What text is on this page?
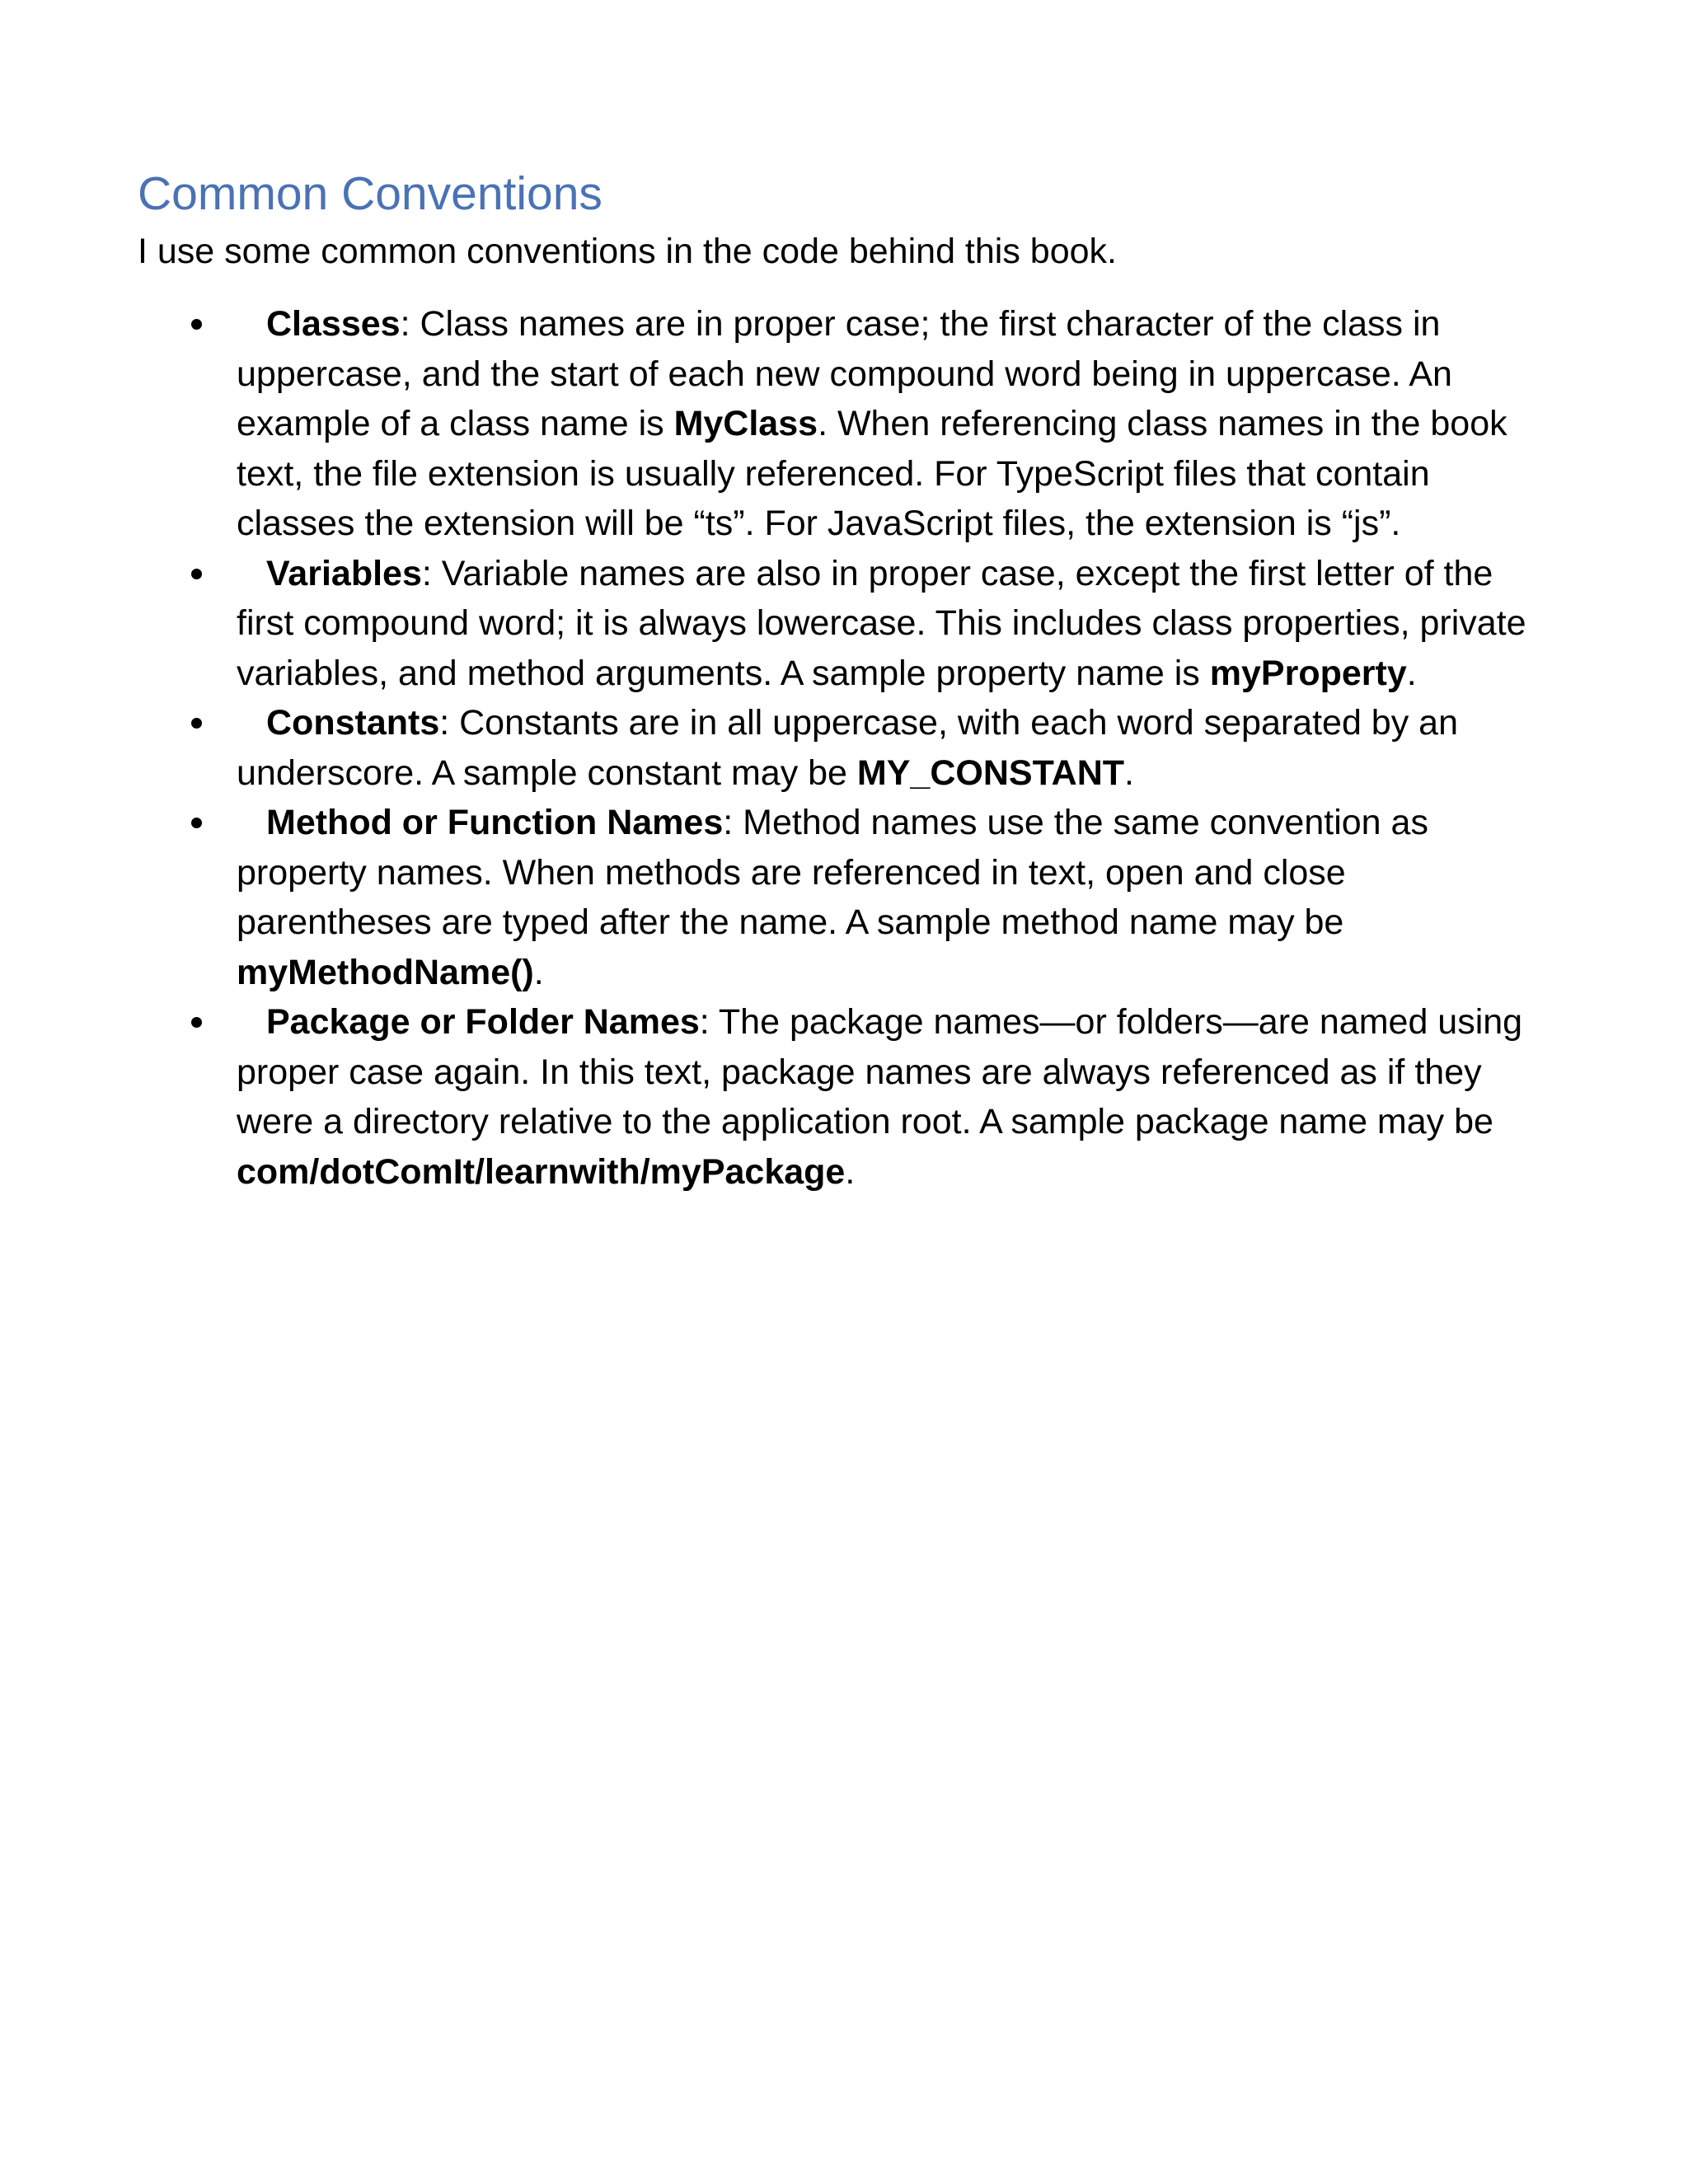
Common Conventions

I use some common conventions in the code behind this book.

Classes: Class names are in proper case; the first character of the class in uppercase, and the start of each new compound word being in uppercase. An example of a class name is MyClass. When referencing class names in the book text, the file extension is usually referenced. For TypeScript files that contain classes the extension will be “ts”. For JavaScript files, the extension is “js”.
Variables: Variable names are also in proper case, except the first letter of the first compound word; it is always lowercase. This includes class properties, private variables, and method arguments. A sample property name is myProperty.
Constants: Constants are in all uppercase, with each word separated by an underscore. A sample constant may be MY_CONSTANT.
Method or Function Names: Method names use the same convention as property names. When methods are referenced in text, open and close parentheses are typed after the name. A sample method name may be myMethodName().
Package or Folder Names: The package names—or folders—are named using proper case again. In this text, package names are always referenced as if they were a directory relative to the application root. A sample package name may be com/dotComIt/learnwith/myPackage.
